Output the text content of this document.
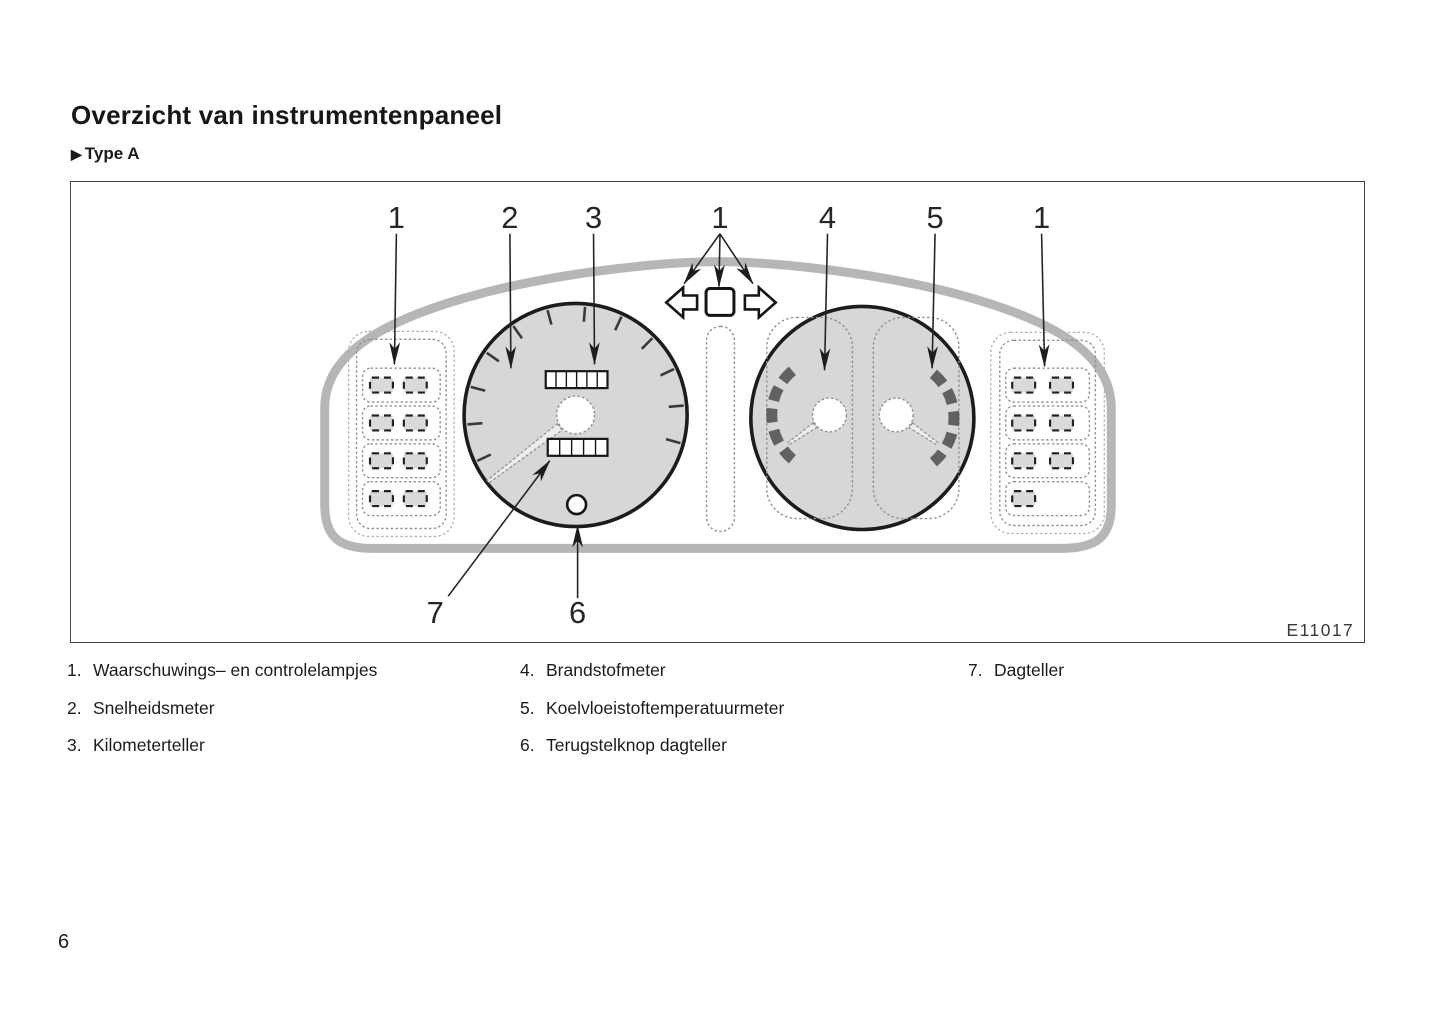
Overzicht van instrumentenpaneel
▶ Type A
1	2 3	1	4	5	1
7	6	E11017
1. Waarschuwings– en controlelampjes
2. Snelheidsmeter
3. Kilometerteller
4. Brandstofmeter
5. Koelvloeistoftemperatuurmeter
6. Terugstelknop dagteller
7. Dagteller
6
